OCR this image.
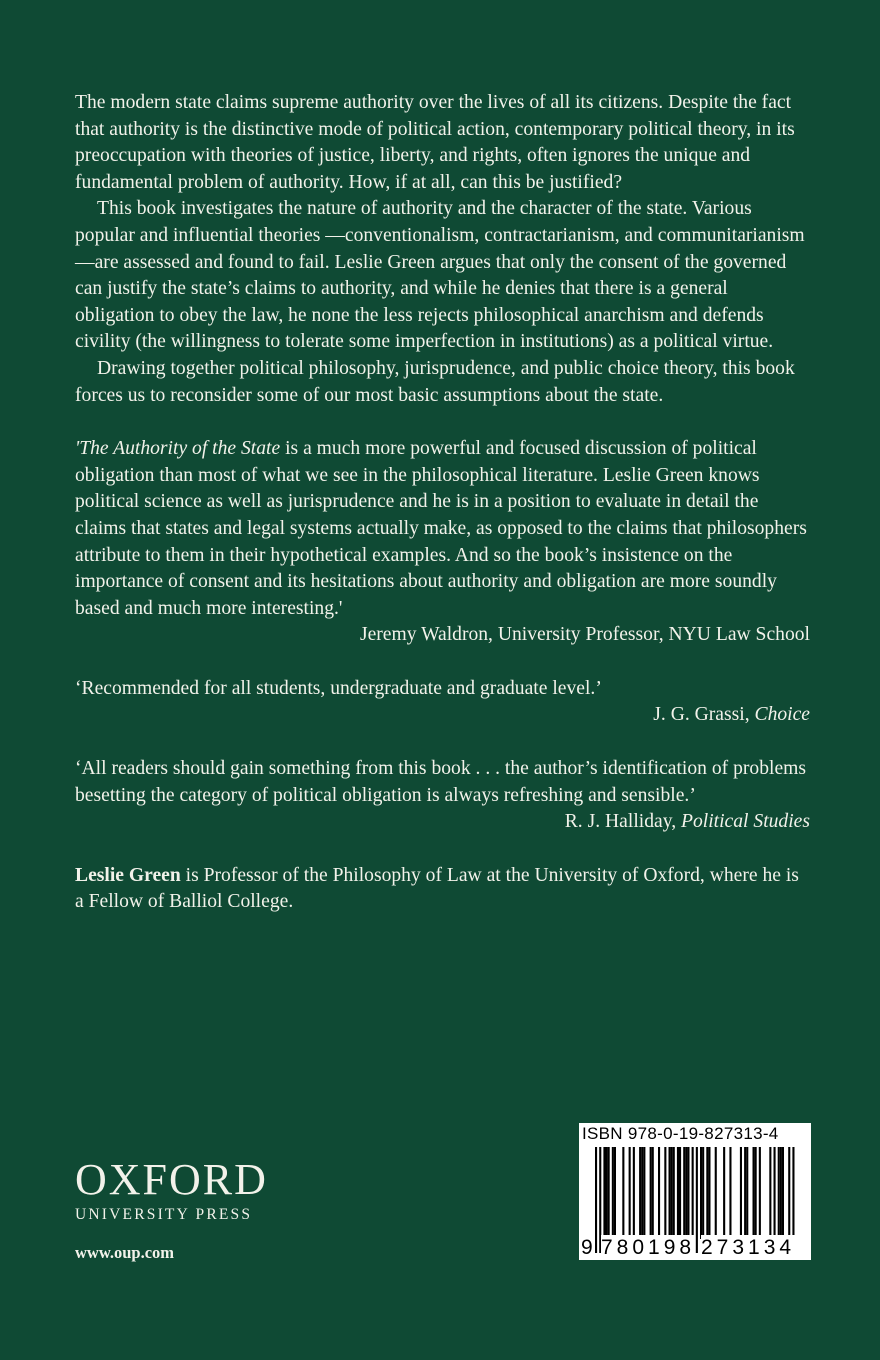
The modern state claims supreme authority over the lives of all its citizens. Despite the fact that authority is the distinctive mode of political action, contemporary political theory, in its preoccupation with theories of justice, liberty, and rights, often ignores the unique and fundamental problem of authority. How, if at all, can this be justified?

This book investigates the nature of authority and the character of the state. Various popular and influential theories —conventionalism, contractarianism, and communitarianism—are assessed and found to fail. Leslie Green argues that only the consent of the governed can justify the state’s claims to authority, and while he denies that there is a general obligation to obey the law, he none the less rejects philosophical anarchism and defends civility (the willingness to tolerate some imperfection in institutions) as a political virtue.

Drawing together political philosophy, jurisprudence, and public choice theory, this book forces us to reconsider some of our most basic assumptions about the state.

'The Authority of the State is a much more powerful and focused discussion of political obligation than most of what we see in the philosophical literature. Leslie Green knows political science as well as jurisprudence and he is in a position to evaluate in detail the claims that states and legal systems actually make, as opposed to the claims that philosophers attribute to them in their hypothetical examples. And so the book’s insistence on the importance of consent and its hesitations about authority and obligation are more soundly based and much more interesting.'

Jeremy Waldron, University Professor, NYU Law School

‘Recommended for all students, undergraduate and graduate level.’

J. G. Grassi, Choice

‘All readers should gain something from this book . . . the author’s identification of problems besetting the category of political obligation is always refreshing and sensible.’

R. J. Halliday, Political Studies

Leslie Green is Professor of the Philosophy of Law at the University of Oxford, where he is a Fellow of Balliol College.

OXFORD
UNIVERSITY PRESS
www.oup.com
ISBN 978-0-19-827313-4
9 780198 273134
